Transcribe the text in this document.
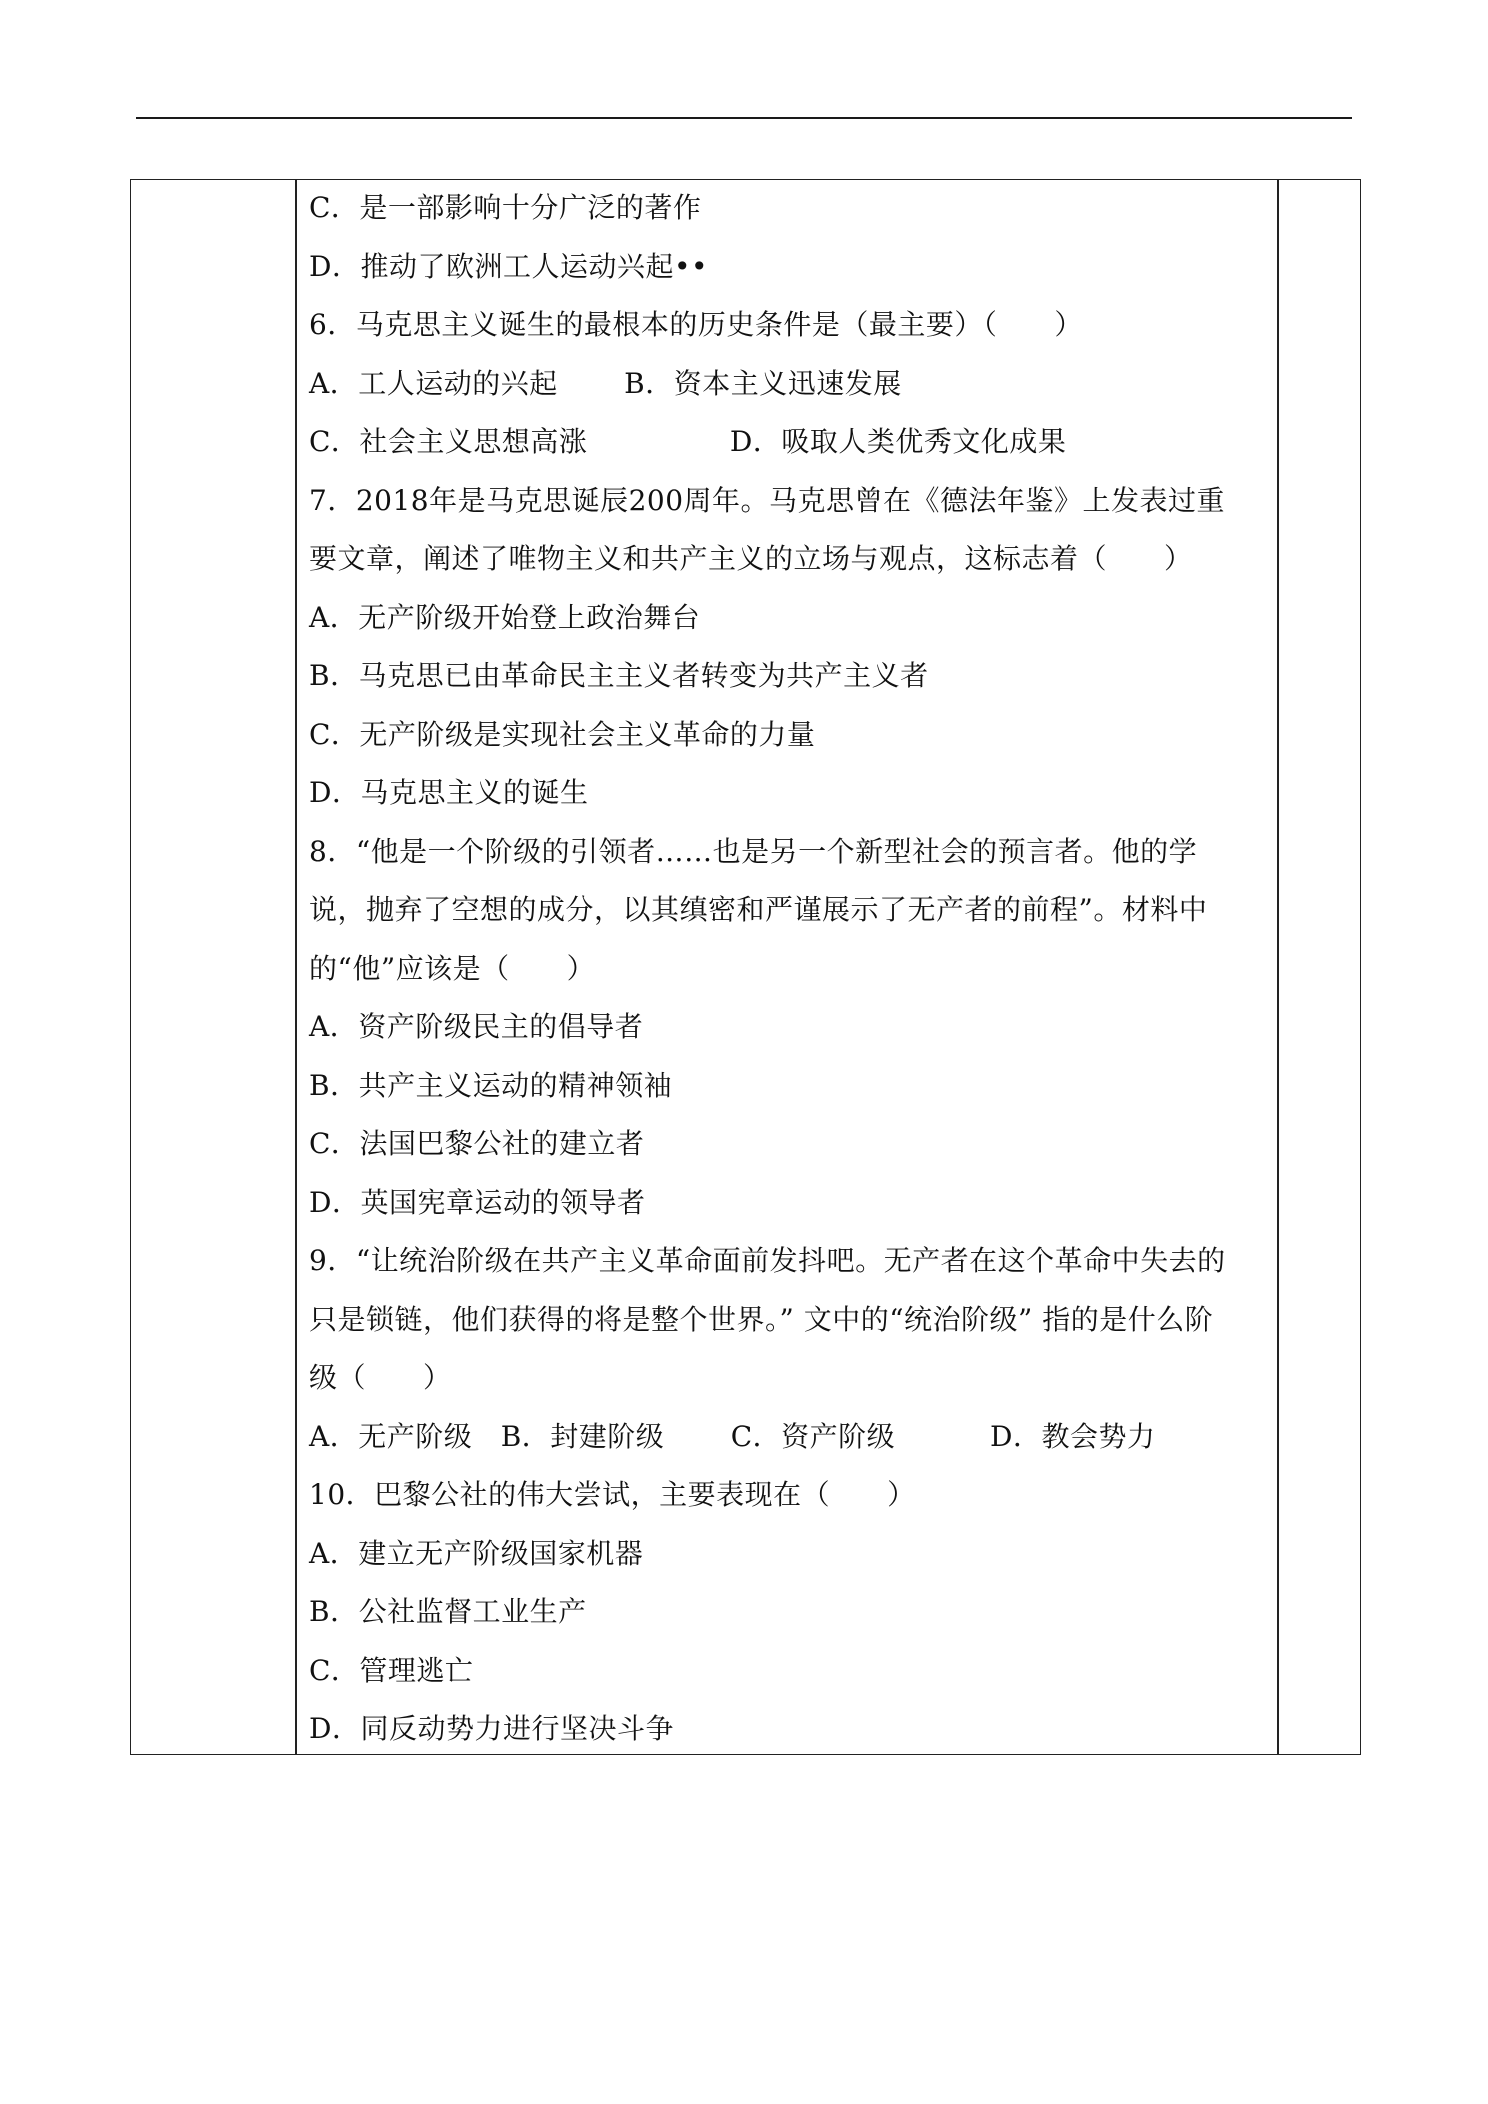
C．是一部影响十分广泛的著作
D．推动了欧洲工人运动兴起••
6．马克思主义诞生的最根本的历史条件是（最主要）（　　）
A．工人运动的兴起　　 B．资本主义迅速发展
C．社会主义思想高涨　　　　　D．吸取人类优秀文化成果
7．2018年是马克思诞辰200周年。马克思曾在《德法年鉴》上发表过重
要文章，阐述了唯物主义和共产主义的立场与观点，这标志着（　　）
A．无产阶级开始登上政治舞台
B．马克思已由革命民主主义者转变为共产主义者
C．无产阶级是实现社会主义革命的力量
D．马克思主义的诞生
8．“他是一个阶级的引领者……也是另一个新型社会的预言者。他的学
说，抛弃了空想的成分，以其缜密和严谨展示了无产者的前程”。材料中
的“他”应该是（　　）
A．资产阶级民主的倡导者
B．共产主义运动的精神领袖
C．法国巴黎公社的建立者
D．英国宪章运动的领导者
9．“让统治阶级在共产主义革命面前发抖吧。无产者在这个革命中失去的
只是锁链，他们获得的将是整个世界。” 文中的“统治阶级” 指的是什么阶
级（　　）
A．无产阶级　B．封建阶级　　 C．资产阶级　　　 D．教会势力
10．巴黎公社的伟大尝试，主要表现在（　　）
A．建立无产阶级国家机器
B．公社监督工业生产
C．管理逃亡
D．同反动势力进行坚决斗争
